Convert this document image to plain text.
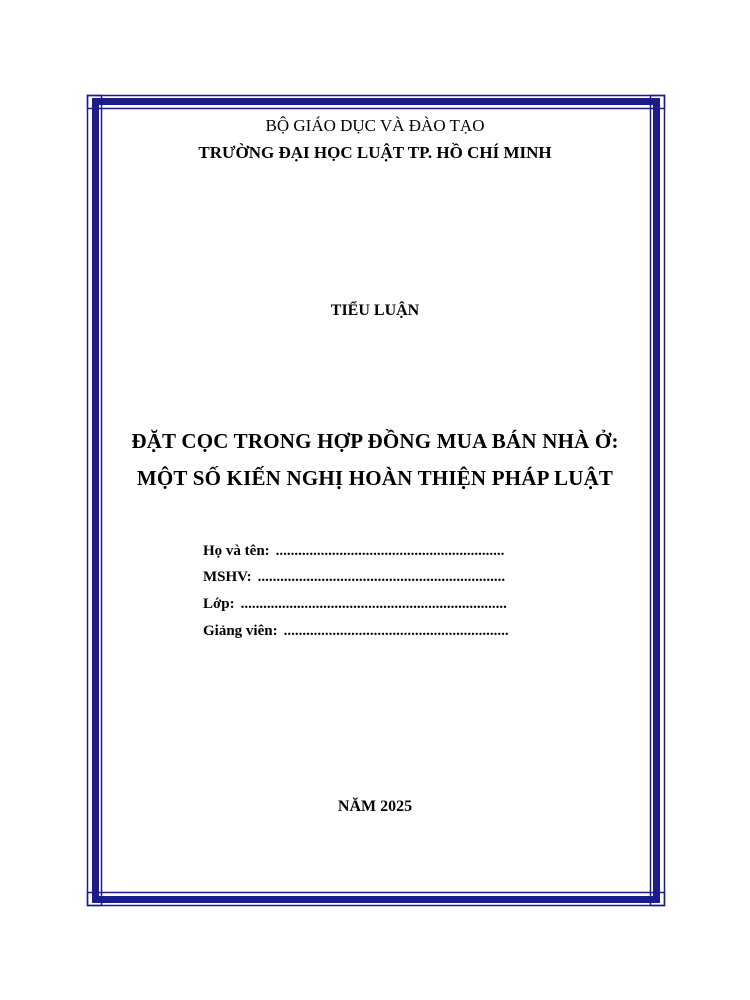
BỘ GIÁO DỤC VÀ ĐÀO TẠO
TRƯỜNG ĐẠI HỌC LUẬT TP. HỒ CHÍ MINH
TIỂU LUẬN
ĐẶT CỌC TRONG HỢP ĐỒNG MUA BÁN NHÀ Ở:
MỘT SỐ KIẾN NGHỊ HOÀN THIỆN PHÁP LUẬT
Họ và tên: .............................................................
MSHV: ..................................................................
Lớp: .......................................................................
Giảng viên: ............................................................
NĂM 2025
